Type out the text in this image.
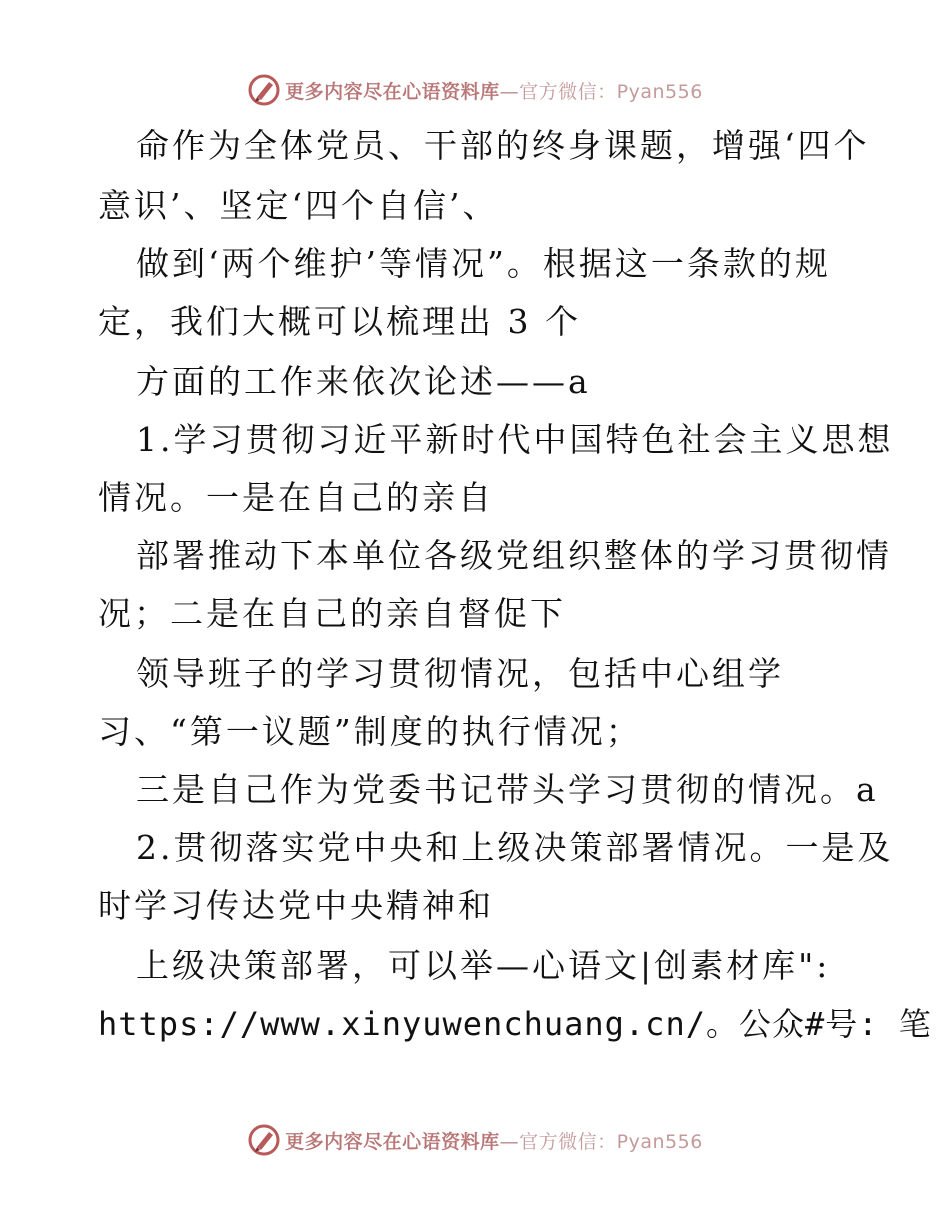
更多内容尽在心语资料库—官方微信：Pyan556
命作为全体党员、干部的终身课题，增强‘四个
意识’、坚定‘四个自信’、
做到‘两个维护’等情况”。根据这一条款的规
定，我们大概可以梳理出 3 个
方面的工作来依次论述——a
1.学习贯彻习近平新时代中国特色社会主义思想
情况。一是在自己的亲自
部署推动下本单位各级党组织整体的学习贯彻情
况；二是在自己的亲自督促下
领导班子的学习贯彻情况，包括中心组学
习、“第一议题”制度的执行情况；
三是自己作为党委书记带头学习贯彻的情况。a
2.贯彻落实党中央和上级决策部署情况。一是及
时学习传达党中央精神和
上级决策部署，可以举—心语文|创素材库":
https://www.xinyuwenchuang.cn/。公众#号: 笔
更多内容尽在心语资料库—官方微信：Pyan556
